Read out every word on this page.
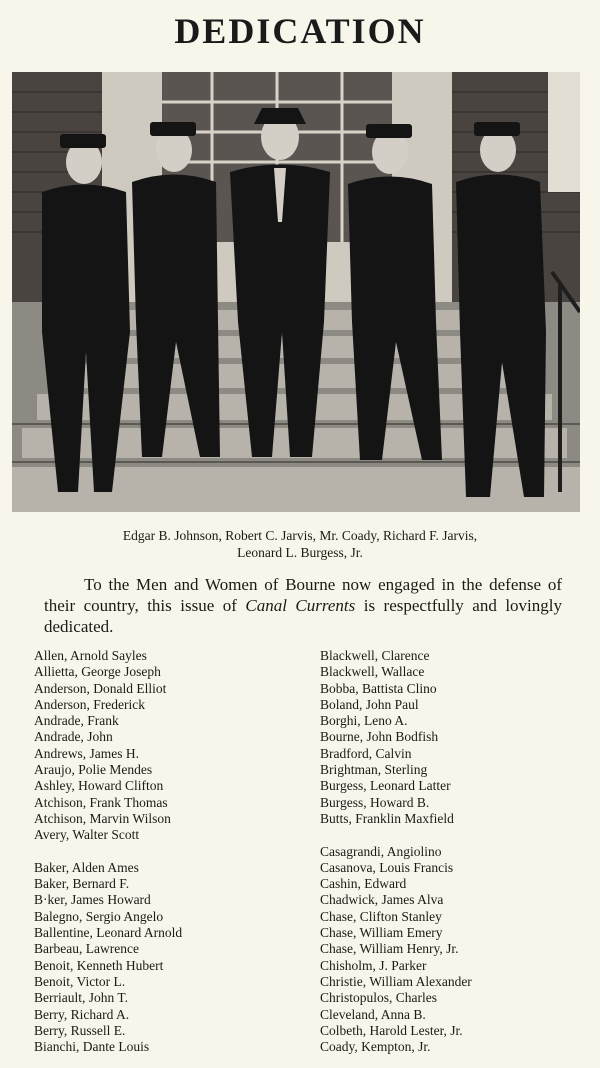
DEDICATION
Edgar B. Johnson, Robert C. Jarvis, Mr. Coady, Richard F. Jarvis,
Leonard L. Burgess, Jr.
To the Men and Women of Bourne now engaged in the defense of their country, this issue of Canal Currents is respectfully and lovingly dedicated.
Allen, Arnold Sayles
Allietta, George Joseph
Anderson, Donald Elliot
Anderson, Frederick
Andrade, Frank
Andrade, John
Andrews, James H.
Araujo, Polie Mendes
Ashley, Howard Clifton
Atchison, Frank Thomas
Atchison, Marvin Wilson
Avery, Walter Scott
Baker, Alden Ames
Baker, Bernard F.
B·ker, James Howard
Balegno, Sergio Angelo
Ballentine, Leonard Arnold
Barbeau, Lawrence
Benoit, Kenneth Hubert
Benoit, Victor L.
Berriault, John T.
Berry, Richard A.
Berry, Russell E.
Bianchi, Dante Louis
Blackwell, Clarence
Blackwell, Wallace
Bobba, Battista Clino
Boland, John Paul
Borghi, Leno A.
Bourne, John Bodfish
Bradford, Calvin
Brightman, Sterling
Burgess, Leonard Latter
Burgess, Howard B.
Butts, Franklin Maxfield
Casagrandi, Angiolino
Casanova, Louis Francis
Cashin, Edward
Chadwick, James Alva
Chase, Clifton Stanley
Chase, William Emery
Chase, William Henry, Jr.
Chisholm, J. Parker
Christie, William Alexander
Christopulos, Charles
Cleveland, Anna B.
Colbeth, Harold Lester, Jr.
Coady, Kempton, Jr.
